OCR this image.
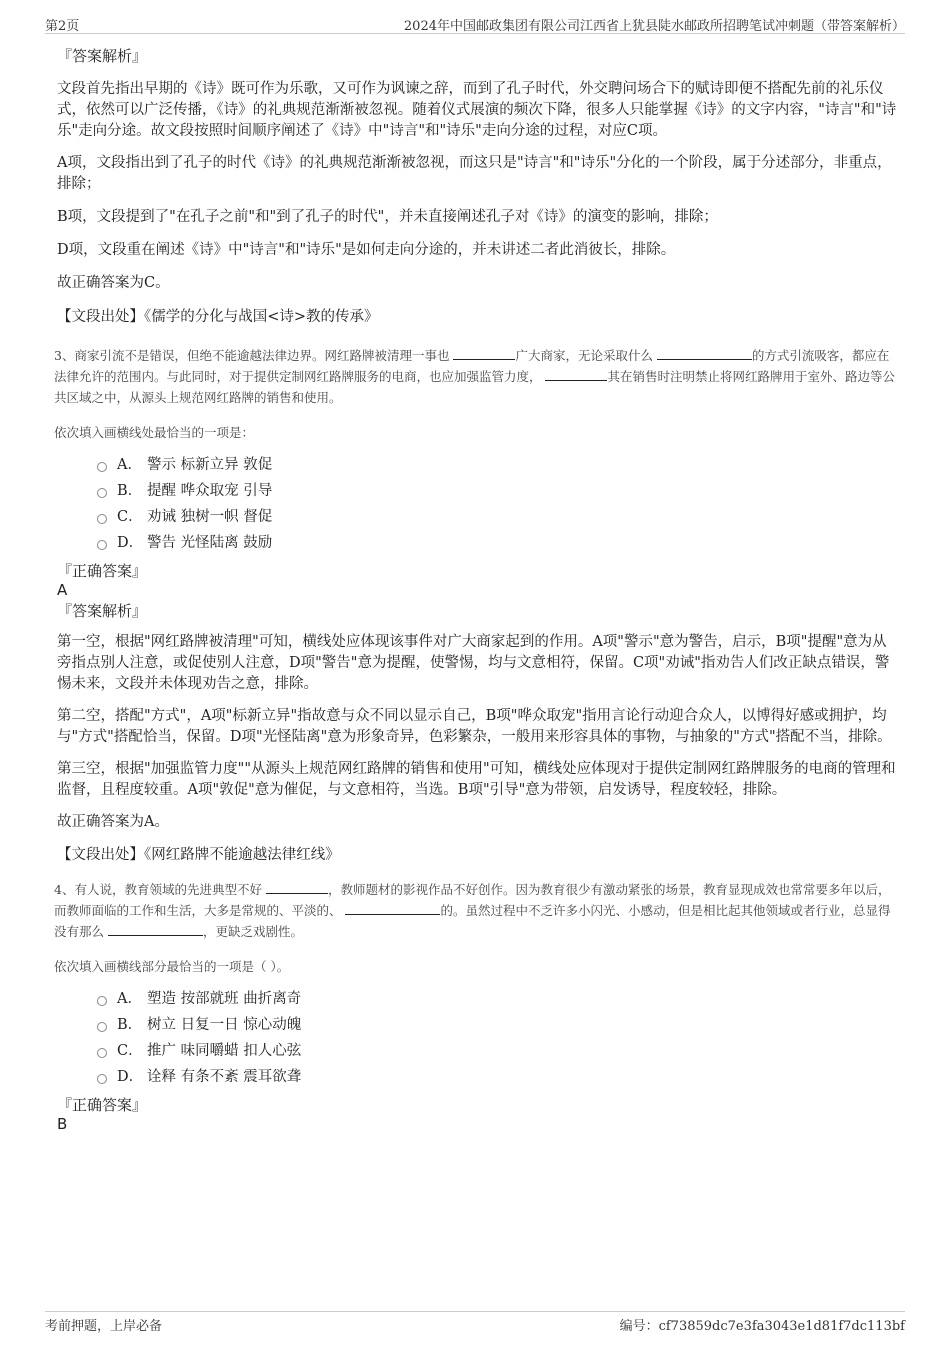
第2页	2024年中国邮政集团有限公司江西省上犹县陡水邮政所招聘笔试冲刺题（带答案解析）

『答案解析』

文段首先指出早期的《诗》既可作为乐歌，又可作为讽谏之辞，而到了孔子时代，外交聘问场合下的赋诗即便不搭配先前的礼乐仪式，依然可以广泛传播，《诗》的礼典规范渐渐被忽视。随着仪式展演的频次下降，很多人只能掌握《诗》的文字内容，"诗言"和"诗乐"走向分途。故文段按照时间顺序阐述了《诗》中"诗言"和"诗乐"走向分途的过程，对应C项。

A项，文段指出到了孔子的时代《诗》的礼典规范渐渐被忽视，而这只是"诗言"和"诗乐"分化的一个阶段，属于分述部分，非重点，排除；

B项，文段提到了"在孔子之前"和"到了孔子的时代"，并未直接阐述孔子对《诗》的演变的影响，排除；

D项，文段重在阐述《诗》中"诗言"和"诗乐"是如何走向分途的，并未讲述二者此消彼长，排除。

故正确答案为C。

【文段出处】《儒学的分化与战国<诗>教的传承》

3、商家引流不是错误，但绝不能逾越法律边界。网红路牌被清理一事也	广大商家，无论采取什么	的方式引流吸客，都应在法律允许的范围内。与此同时，对于提供定制网红路牌服务的电商，也应加强监管力度，	其在销售时注明禁止将网红路牌用于室外、路边等公共区域之中，从源头上规范网红路牌的销售和使用。

依次填入画横线处最恰当的一项是：

A． 警示 标新立异 敦促
B． 提醒 哗众取宠 引导
C． 劝诫 独树一帜 督促
D． 警告 光怪陆离 鼓励

『正确答案』

A

『答案解析』

第一空，根据"网红路牌被清理"可知，横线处应体现该事件对广大商家起到的作用。A项"警示"意为警告，启示，B项"提醒"意为从旁指点别人注意，或促使别人注意，D项"警告"意为提醒，使警惕，均与文意相符，保留。C项"劝诫"指劝告人们改正缺点错误，警惕未来，文段并未体现劝告之意，排除。

第二空，搭配"方式"，A项"标新立异"指故意与众不同以显示自己，B项"哗众取宠"指用言论行动迎合众人，以博得好感或拥护，均与"方式"搭配恰当，保留。D项"光怪陆离"意为形象奇异，色彩繁杂，一般用来形容具体的事物，与抽象的"方式"搭配不当，排除。

第三空，根据"加强监管力度""从源头上规范网红路牌的销售和使用"可知，横线处应体现对于提供定制网红路牌服务的电商的管理和监督，且程度较重。A项"敦促"意为催促，与文意相符，当选。B项"引导"意为带领，启发诱导，程度较轻，排除。

故正确答案为A。

【文段出处】《网红路牌不能逾越法律红线》

4、有人说，教育领域的先进典型不好	，教师题材的影视作品不好创作。因为教育很少有激动紧张的场景，教育显现成效也常常要多年以后，而教师面临的工作和生活，大多是常规的、平淡的、	的。虽然过程中不乏许多小闪光、小感动，但是相比起其他领域或者行业，总显得没有那么	，更缺乏戏剧性。

依次填入画横线部分最恰当的一项是（ ）。

A． 塑造 按部就班 曲折离奇
B． 树立 日复一日 惊心动魄
C． 推广 味同嚼蜡 扣人心弦
D． 诠释 有条不紊 震耳欲聋

『正确答案』

B

考前押题，上岸必备	编号：cf73859dc7e3fa3043e1d81f7dc113bf
